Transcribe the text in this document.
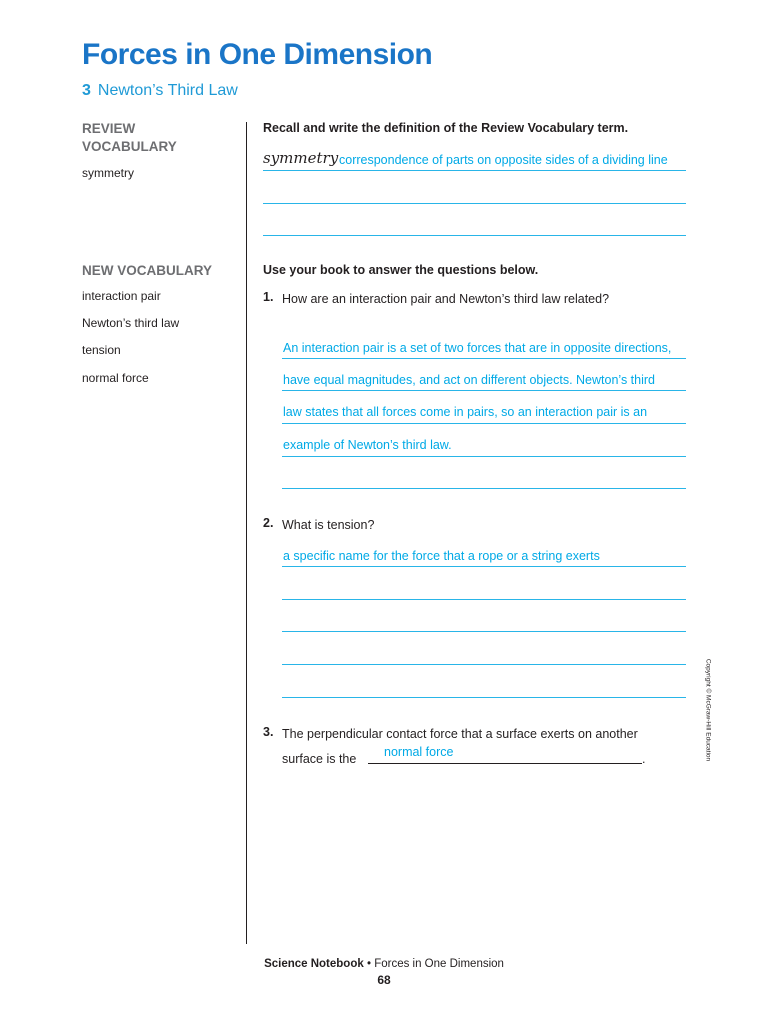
Forces in One Dimension
3 Newton’s Third Law

REVIEW VOCABULARY

symmetry

NEW VOCABULARY

interaction pair
Newton’s third law
tension
normal force
Recall and write the definition of the Review Vocabulary term.
symmetry correspondence of parts on opposite sides of a dividing line
Use your book to answer the questions below.
1. How are an interaction pair and Newton’s third law related?
An interaction pair is a set of two forces that are in opposite directions,
have equal magnitudes, and act on different objects. Newton’s third
law states that all forces come in pairs, so an interaction pair is an
example of Newton’s third law.
2. What is tension?
a specific name for the force that a rope or a string exerts
3. The perpendicular contact force that a surface exerts on another
surface is the	normal force	.	Copyright © McGraw-Hill Education
Science Notebook • Forces in One Dimension
68
